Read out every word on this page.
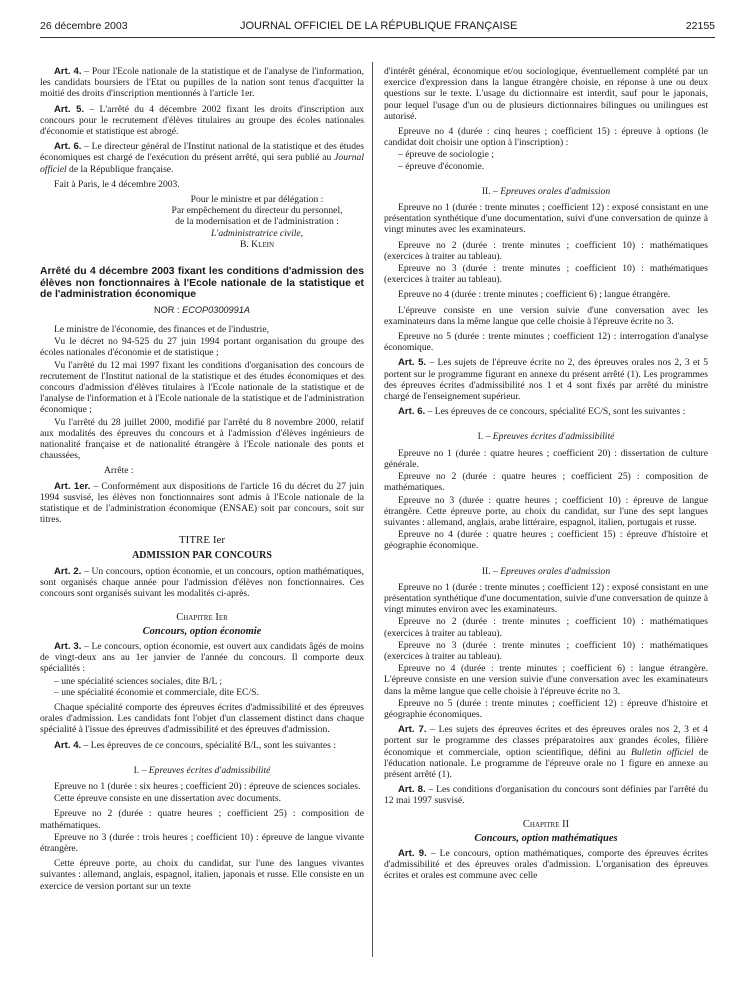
26 décembre 2003	JOURNAL OFFICIEL DE LA RÉPUBLIQUE FRANÇAISE	22155

Art. 4. – Pour l'Ecole nationale de la statistique et de l'analyse de l'information, les candidats boursiers de l'Etat ou pupilles de la nation sont tenus d'acquitter la moitié des droits d'inscription mentionnés à l'article 1er.

Art. 5. – L'arrêté du 4 décembre 2002 fixant les droits d'inscription aux concours pour le recrutement d'élèves titulaires au groupe des écoles nationales d'économie et statistique est abrogé.

Art. 6. – Le directeur général de l'Institut national de la statistique et des études économiques est chargé de l'exécution du présent arrêté, qui sera publié au Journal officiel de la République française.

Fait à Paris, le 4 décembre 2003.

Pour le ministre et par délégation :

Par empêchement du directeur du personnel,

de la modernisation et de l'administration :

L'administratrice civile,

B. Klein

Arrêté du 4 décembre 2003 fixant les conditions d'admission des élèves non fonctionnaires à l'Ecole nationale de la statistique et de l'administration économique
NOR : ECOP0300991A

Le ministre de l'économie, des finances et de l'industrie,

Vu le décret no 94-525 du 27 juin 1994 portant organisation du groupe des écoles nationales d'économie et de statistique ;

Vu l'arrêté du 12 mai 1997 fixant les conditions d'organisation des concours de recrutement de l'Institut national de la statistique et des études économiques et des concours d'admission d'élèves titulaires à l'Ecole nationale de la statistique et de l'analyse de l'information et à l'Ecole nationale de la statistique et de l'administration économique ;

Vu l'arrêté du 28 juillet 2000, modifié par l'arrêté du 8 novembre 2000, relatif aux modalités des épreuves du concours et à l'admission d'élèves ingénieurs de nationalité française et de nationalité étrangère à l'Ecole nationale des ponts et chaussées,

Arrête :

Art. 1er. – Conformément aux dispositions de l'article 16 du décret du 27 juin 1994 susvisé, les élèves non fonctionnaires sont admis à l'Ecole nationale de la statistique et de l'administration économique (ENSAE) soit par concours, soit sur titres.

TITRE Ier
ADMISSION PAR CONCOURS

Art. 2. – Un concours, option économie, et un concours, option mathématiques, sont organisés chaque année pour l'admission d'élèves non fonctionnaires. Ces concours sont organisés suivant les modalités ci-après.

Chapitre Ier
Concours, option économie

Art. 3. – Le concours, option économie, est ouvert aux candidats âgés de moins de vingt-deux ans au 1er janvier de l'année du concours. Il comporte deux spécialités :

– une spécialité sciences sociales, dite B/L ;

– une spécialité économie et commerciale, dite EC/S.

Chaque spécialité comporte des épreuves écrites d'admissibilité et des épreuves orales d'admission. Les candidats font l'objet d'un classement distinct dans chaque spécialité à l'issue des épreuves d'admissibilité et des épreuves d'admission.

Art. 4. – Les épreuves de ce concours, spécialité B/L, sont les suivantes :

I. – Epreuves écrites d'admissibilité

Epreuve no 1 (durée : six heures ; coefficient 20) : épreuve de sciences sociales.

Cette épreuve consiste en une dissertation avec documents.

Epreuve no 2 (durée : quatre heures ; coefficient 25) : composition de mathématiques.

Epreuve no 3 (durée : trois heures ; coefficient 10) : épreuve de langue vivante étrangère.

Cette épreuve porte, au choix du candidat, sur l'une des langues vivantes suivantes : allemand, anglais, espagnol, italien, japonais et russe. Elle consiste en un exercice de version portant sur un texte

d'intérêt général, économique et/ou sociologique, éventuellement complété par un exercice d'expression dans la langue étrangère choisie, en réponse à une ou deux questions sur le texte. L'usage du dictionnaire est interdit, sauf pour le japonais, pour lequel l'usage d'un ou de plusieurs dictionnaires bilingues ou unilingues est autorisé.

Epreuve no 4 (durée : cinq heures ; coefficient 15) : épreuve à options (le candidat doit choisir une option à l'inscription) :

– épreuve de sociologie ;

– épreuve d'économie.

II. – Epreuves orales d'admission

Epreuve no 1 (durée : trente minutes ; coefficient 12) : exposé consistant en une présentation synthétique d'une documentation, suivi d'une conversation de quinze à vingt minutes avec les examinateurs.

Epreuve no 2 (durée : trente minutes ; coefficient 10) : mathématiques (exercices à traiter au tableau).

Epreuve no 3 (durée : trente minutes ; coefficient 10) : mathématiques (exercices à traiter au tableau).

Epreuve no 4 (durée : trente minutes ; coefficient 6) ; langue étrangère.

L'épreuve consiste en une version suivie d'une conversation avec les examinateurs dans la même langue que celle choisie à l'épreuve écrite no 3.

Epreuve no 5 (durée : trente minutes ; coefficient 12) : interrogation d'analyse économique.

Art. 5. – Les sujets de l'épreuve écrite no 2, des épreuves orales nos 2, 3 et 5 portent sur le programme figurant en annexe du présent arrêté (1). Les programmes des épreuves écrites d'admissibilité nos 1 et 4 sont fixés par arrêté du ministre chargé de l'enseignement supérieur.

Art. 6. – Les épreuves de ce concours, spécialité EC/S, sont les suivantes :

I. – Epreuves écrites d'admissibilité

Epreuve no 1 (durée : quatre heures ; coefficient 20) : dissertation de culture générale.

Epreuve no 2 (durée : quatre heures ; coefficient 25) : composition de mathématiques.

Epreuve no 3 (durée : quatre heures ; coefficient 10) : épreuve de langue étrangère. Cette épreuve porte, au choix du candidat, sur l'une des sept langues suivantes : allemand, anglais, arabe littéraire, espagnol, italien, portugais et russe.

Epreuve no 4 (durée : quatre heures ; coefficient 15) : épreuve d'histoire et géographie économique.

II. – Epreuves orales d'admission

Epreuve no 1 (durée : trente minutes ; coefficient 12) : exposé consistant en une présentation synthétique d'une documentation, suivie d'une conversation de quinze à vingt minutes environ avec les examinateurs.

Epreuve no 2 (durée : trente minutes ; coefficient 10) : mathématiques (exercices à traiter au tableau).

Epreuve no 3 (durée : trente minutes ; coefficient 10) : mathématiques (exercices à traiter au tableau).

Epreuve no 4 (durée : trente minutes ; coefficient 6) : langue étrangère. L'épreuve consiste en une version suivie d'une conversation avec les examinateurs dans la même langue que celle choisie à l'épreuve écrite no 3.

Epreuve no 5 (durée : trente minutes ; coefficient 12) : épreuve d'histoire et géographie économiques.

Art. 7. – Les sujets des épreuves écrites et des épreuves orales nos 2, 3 et 4 portent sur le programme des classes préparatoires aux grandes écoles, filière économique et commerciale, option scientifique, défini au Bulletin officiel de l'éducation nationale. Le programme de l'épreuve orale no 1 figure en annexe au présent arrêté (1).

Art. 8. – Les conditions d'organisation du concours sont définies par l'arrêté du 12 mai 1997 susvisé.

Chapitre II
Concours, option mathématiques

Art. 9. – Le concours, option mathématiques, comporte des épreuves écrites d'admissibilité et des épreuves orales d'admission. L'organisation des épreuves écrites et orales est commune avec celle
